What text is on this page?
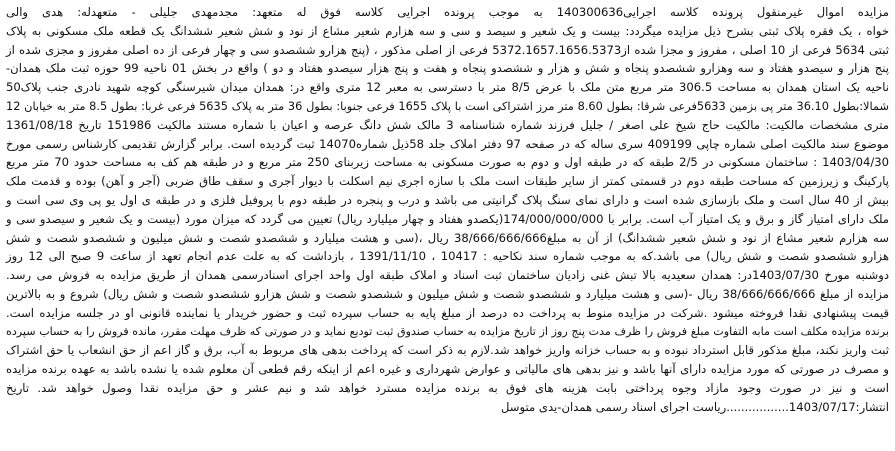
مزایده اموال غیرمنقول پرونده کلاسه اجرایی140300636 به موجب پرونده اجرایی کلاسه فوق له متعهد: مجدمهدی جلیلی - متعهدله: هدی والی
خواه ، یک فقره پلاک ثبتی بشرح ذیل مزایده میگردد: بیست و یک شعیر و سیصد و سی و سه هزارم شعیر مشاع از نود و شش شعیر ششدانگ یک قطعه ملک مسکونی به پلاک
ثبتی 5634 فرعی از 10 اصلی ، مفروز و مجزا شده از5372.1657.1656.5373 فرعی از اصلی مذکور ، (پنج هزارو ششصدو سی و چهار فرعی از ده اصلی مفروز و مجزی شده از
پنج هزار و سیصدو هفتاد و سه وهزارو ششصدو پنجاه و شش و هزار و ششصدو پنجاه و هفت و پنج هزار سیصدو هفتاد و دو ) واقع در بخش 01 ناحیه 99 حوزه ثبت ملک همدان-
ناحیه یک استان همدان به مساحت 306.5 متر مربع متن ملک با عرض 8/5 متر با دسترسی به معبر 12 متری واقع در: همدان میدان شیرسنگی کوچه شهید نادری جنب پلاک50
شمالا:بطول 36.10 متر پی بزمین 5633فرعی شرقا: بطول 8.60 متر مرز اشتراکی است با پلاک 1655 فرعی جنوبا: بطول 36 متر به پلاک 5635 فرعی غربا: بطول 8.5 متر به خیابان 12
متری مشخصات مالکیت: مالکیت حاج شیخ علی اصغر / جلیل فرزند شماره شناسنامه 3 مالک شش دانگ عرصه و اعیان با شماره مستند مالکیت 151986 تاریخ 1361/08/18
موضوع سند مالکیت اصلی شماره چاپی 409199 سری ساله که در صفحه 97 دفتر املاک جلد 58ذیل شماره14070 ثبت گردیده است. برابر گزارش تقدیمی کارشناس رسمی مورخ
1403/04/30 : ساختمان مسکونی در 2/5 طبقه که در طبقه اول و دوم به صورت مسکونی به مساحت زیربنای 250 متر مربع و در طبقه هم کف به مساحت حدود 70 متر مربع
پارکینگ و زیرزمین که مساحت طبقه دوم در قسمتی کمتر از سایر طبقات است ملک با سازه اجری نیم اسکلت با دیوار آجری و سقف طاق ضربی (آجر و آهن) بوده و قدمت ملک
بیش از 40 سال است و ملک بازسازی شده است و دارای نمای سنگ پلاک گرانیتی می باشد و درب و پنجره در طبقه دوم با پروفیل فلزی و در طبقه ی اول یو پی وی سی است و
ملک دارای امتیاز گاز و برق و یک امتیاز آب است. برابر با 174/000/000/000(یکصدو هفتاد و چهار میلیارد ریال) تعیین می گردد که میزان مورد (بیست و یک شعیر و سیصدو سی و
سه هزارم شعیر مشاع از نود و شش شعیر ششدانگ) از آن به مبلغ38/666/666/666 ریال ،(سی و هشت میلیارد و ششصدو شصت و شش میلیون و ششصدو شصت و شش
هزارو ششصدو شصت و شش ریال) می باشد.که به موجب شماره سند نکاحیه : 10417 ، 1391/11/10 ، بازداشت که به علت عدم انجام تعهد از ساعت 9 صبح الی 12 روز
دوشنبه مورخ 1403/07/30در: همدان سعیدیه بالا تبش غنی زادیان ساختمان ثبت اسناد و املاک طبقه اول واحد اجرای اسنادرسمی همدان از طریق مزایده به فروش می رسد.
مزایده از مبلغ 38/666/666/666 ریال -(سی و هشت میلیارد و ششصدو شصت و شش میلیون و ششصدو شصت و شش هزارو ششصدو شصت و شش ریال) شروع و به بالاترین
قیمت پیشنهادی نقدا فروخته میشود .شرکت در مزایده منوط به پرداخت ده درصد از مبلغ پایه به حساب سپرده ثبت و حضور خریدار یا نماینده قانونی او در جلسه مزایده است.
برنده مزایده مکلف است مابه التفاوت مبلغ فروش را ظرف مدت پنج روز از تاریخ مزایده به حساب صندوق ثبت تودیع نماید و در صورتی که ظرف مهلت مقرر، مانده فروش را به حساب سپرده
ثبت واریز نکند، مبلغ مذکور قابل استرداد نبوده و به حساب خزانه واریز خواهد شد.لازم به ذکر است که پرداخت بدهی های مربوط به آب، برق و گاز اعم از حق انشعاب یا حق اشتراک
و مصرف در صورتی که مورد مزایده دارای آنها باشد و نیز بدهی های مالیاتی و عوارض شهرداری و غیره اعم از اینکه رقم قطعی آن معلوم شده یا نشده باشد به عهده برنده مزایده
است و نیز در صورت وجود مازاد وجوه پرداختی بابت هزینه های فوق به برنده مزایده مسترد خواهد شد و نیم عشر و حق مزایده نقدا وصول خواهد شد. تاریخ
انتشار:1403/07/17.................رياست اجراى اسناد رسمى همدان-يدى متوسل
